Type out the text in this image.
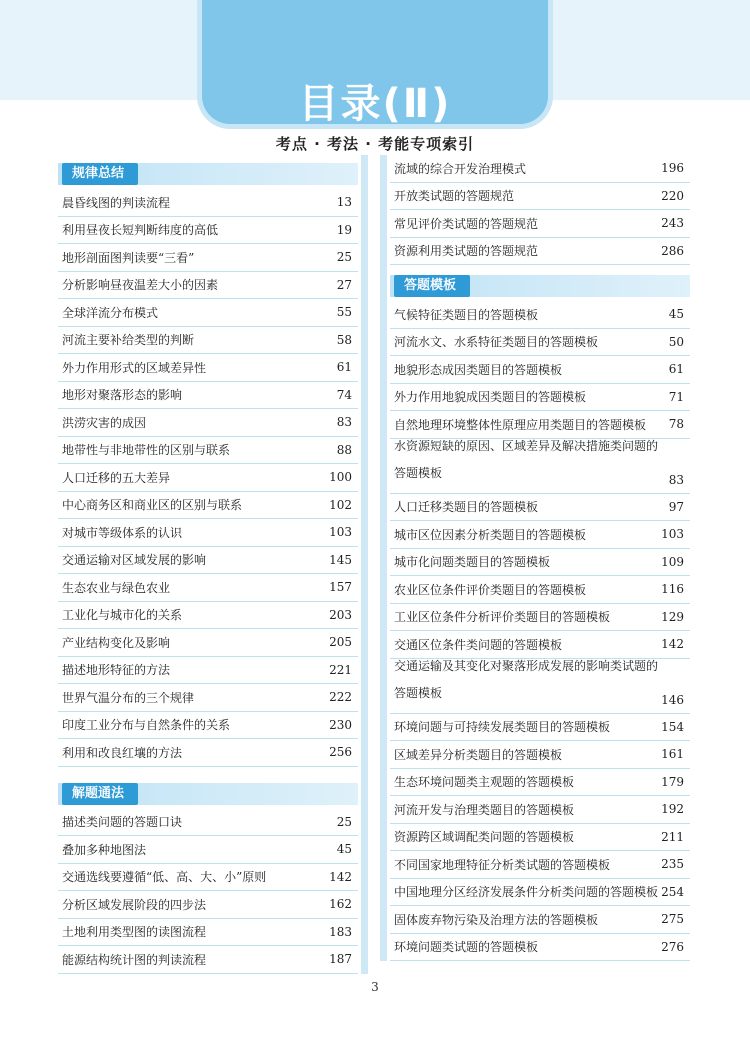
目录(Ⅱ)
考点 · 考法 · 考能专项索引
规律总结
晨昏线图的判读流程	13
利用昼夜长短判断纬度的高低	19
地形剖面图判读要“三看”	25
分析影响昼夜温差大小的因素	27
全球洋流分布模式	55
河流主要补给类型的判断	58
外力作用形式的区域差异性	61
地形对聚落形态的影响	74
洪涝灾害的成因	83
地带性与非地带性的区别与联系	88
人口迁移的五大差异	100
中心商务区和商业区的区别与联系	102
对城市等级体系的认识	103
交通运输对区域发展的影响	145
生态农业与绿色农业	157
工业化与城市化的关系	203
产业结构变化及影响	205
描述地形特征的方法	221
世界气温分布的三个规律	222
印度工业分布与自然条件的关系	230
利用和改良红壤的方法	256
解题通法
描述类问题的答题口诀	25
叠加多种地图法	45
交通选线要遵循“低、高、大、小”原则	142
分析区域发展阶段的四步法	162
土地利用类型图的读图流程	183
能源结构统计图的判读流程	187
流域的综合开发治理模式	196
开放类试题的答题规范	220
常见评价类试题的答题规范	243
资源利用类试题的答题规范	286
答题模板
气候特征类题目的答题模板	45
河流水文、水系特征类题目的答题模板	50
地貌形态成因类题目的答题模板	61
外力作用地貌成因类题目的答题模板	71
自然地理环境整体性原理应用类题目的答题模板 78
水资源短缺的原因、区域差异及解决措施类问题的答题模板	83
人口迁移类题目的答题模板	97
城市区位因素分析类题目的答题模板	103
城市化问题类题目的答题模板	109
农业区位条件评价类题目的答题模板	116
工业区位条件分析评价类题目的答题模板	129
交通区位条件类问题的答题模板	142
交通运输及其变化对聚落形成发展的影响类试题的答题模板	146
环境问题与可持续发展类题目的答题模板	154
区域差异分析类题目的答题模板	161
生态环境问题类主观题的答题模板	179
河流开发与治理类题目的答题模板	192
资源跨区域调配类问题的答题模板	211
不同国家地理特征分析类试题的答题模板	235
中国地理分区经济发展条件分析类问题的答题模板 254
固体废弃物污染及治理方法的答题模板	275
环境问题类试题的答题模板	276
3
